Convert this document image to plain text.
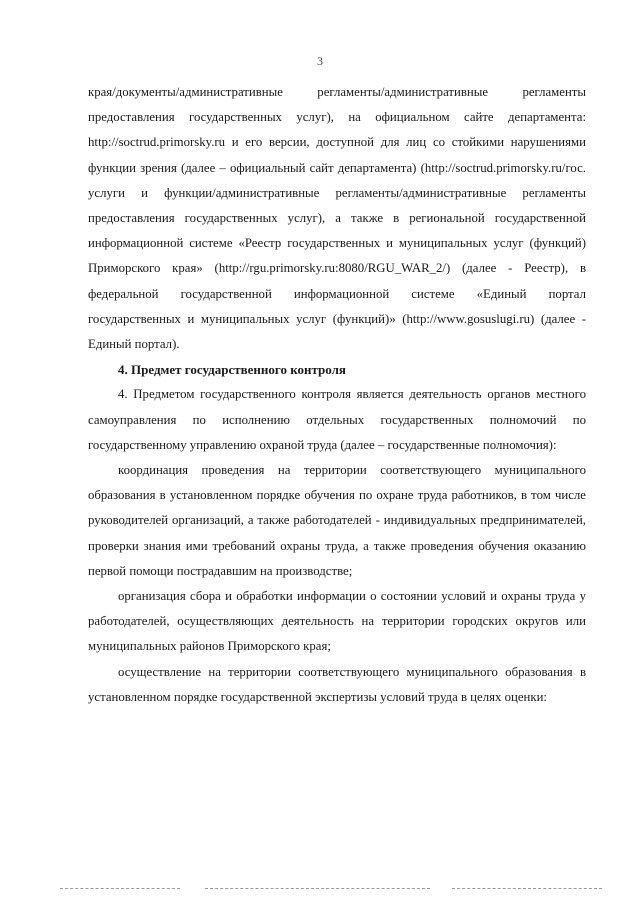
3

края/документы/административные регламенты/административные регламенты предоставления государственных услуг), на официальном сайте департамента: http://soctrud.primorsky.ru и его версии, доступной для лиц со стойкими нарушениями функции зрения (далее – официальный сайт департамента) (http://soctrud.primorsky.ru/гос. услуги и функции/административные регламенты/административные регламенты предоставления государственных услуг), а также в региональной государственной информационной системе «Реестр государственных и муниципальных услуг (функций) Приморского края» (http://rgu.primorsky.ru:8080/RGU_WAR_2/) (далее - Реестр), в федеральной государственной информационной системе «Единый портал государственных и муниципальных услуг (функций)» (http://www.gosuslugi.ru) (далее - Единый портал).

4. Предмет государственного контроля

4. Предметом государственного контроля является деятельность органов местного самоуправления по исполнению отдельных государственных полномочий по государственному управлению охраной труда (далее – государственные полномочия):

координация проведения на территории соответствующего муниципального образования в установленном порядке обучения по охране труда работников, в том числе руководителей организаций, а также работодателей - индивидуальных предпринимателей, проверки знания ими требований охраны труда, а также проведения обучения оказанию первой помощи пострадавшим на производстве;

организация сбора и обработки информации о состоянии условий и охраны труда у работодателей, осуществляющих деятельность на территории городских округов или муниципальных районов Приморского края;

осуществление на территории соответствующего муниципального образования в установленном порядке государственной экспертизы условий труда в целях оценки:
